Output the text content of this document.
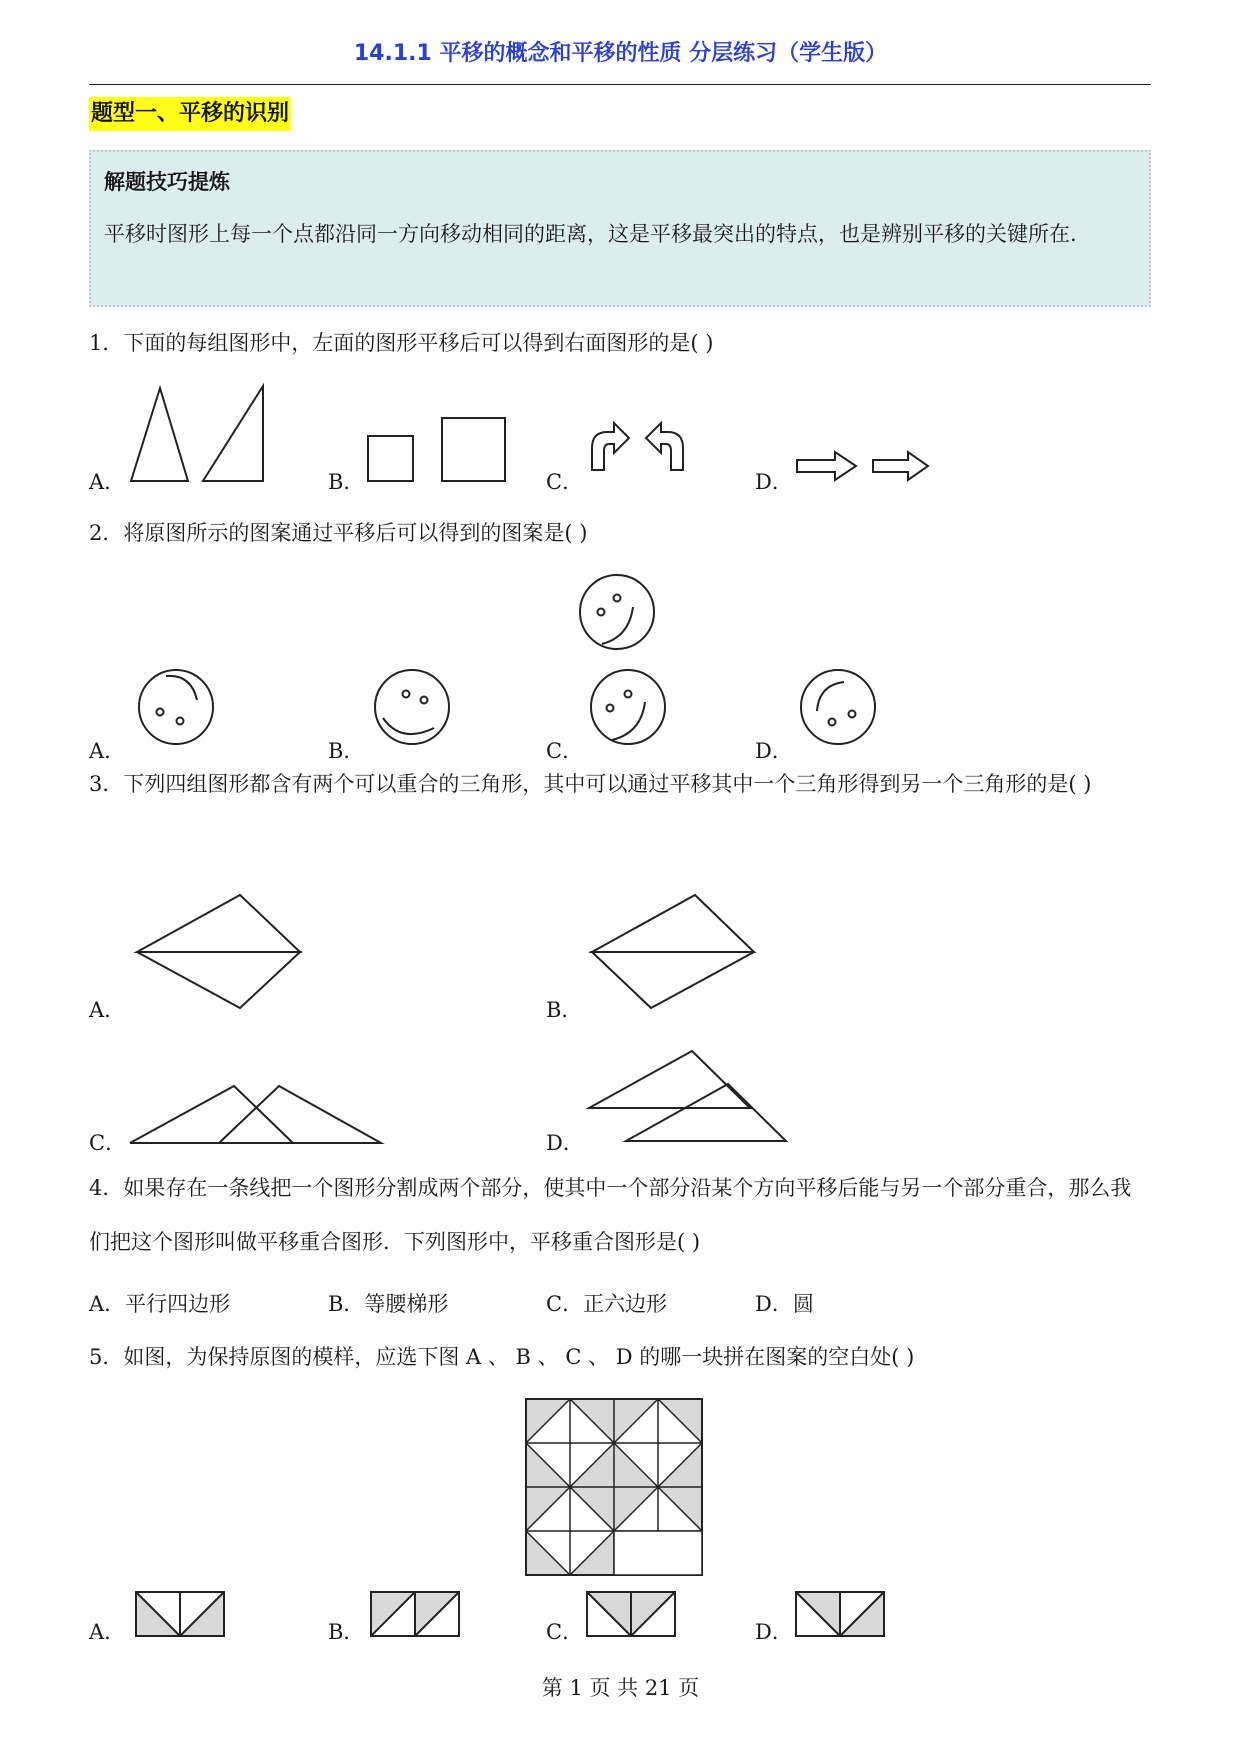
14.1.1 平移的概念和平移的性质 分层练习（学生版）
题型一、平移的识别
解题技巧提炼
平移时图形上每一个点都沿同一方向移动相同的距离，这是平移最突出的特点，也是辨别平移的关键所在.
1．下面的每组图形中，左面的图形平移后可以得到右面图形的是( )
A．	B．	C．	D．
2．将原图所示的图案通过平移后可以得到的图案是( )
A．	B．	C．	D．
3．下列四组图形都含有两个可以重合的三角形，其中可以通过平移其中一个三角形得到另一个三角形的是( )
A．	B．
C．	D．
4．如果存在一条线把一个图形分割成两个部分，使其中一个部分沿某个方向平移后能与另一个部分重合，那么我们把这个图形叫做平移重合图形．下列图形中，平移重合图形是( )
A．平行四边形	B．等腰梯形	C．正六边形	D．圆
5．如图，为保持原图的模样，应选下图 A 、 B 、 C 、 D 的哪一块拼在图案的空白处( )
A．	B．	C．	D．
第 1 页 共 21 页
